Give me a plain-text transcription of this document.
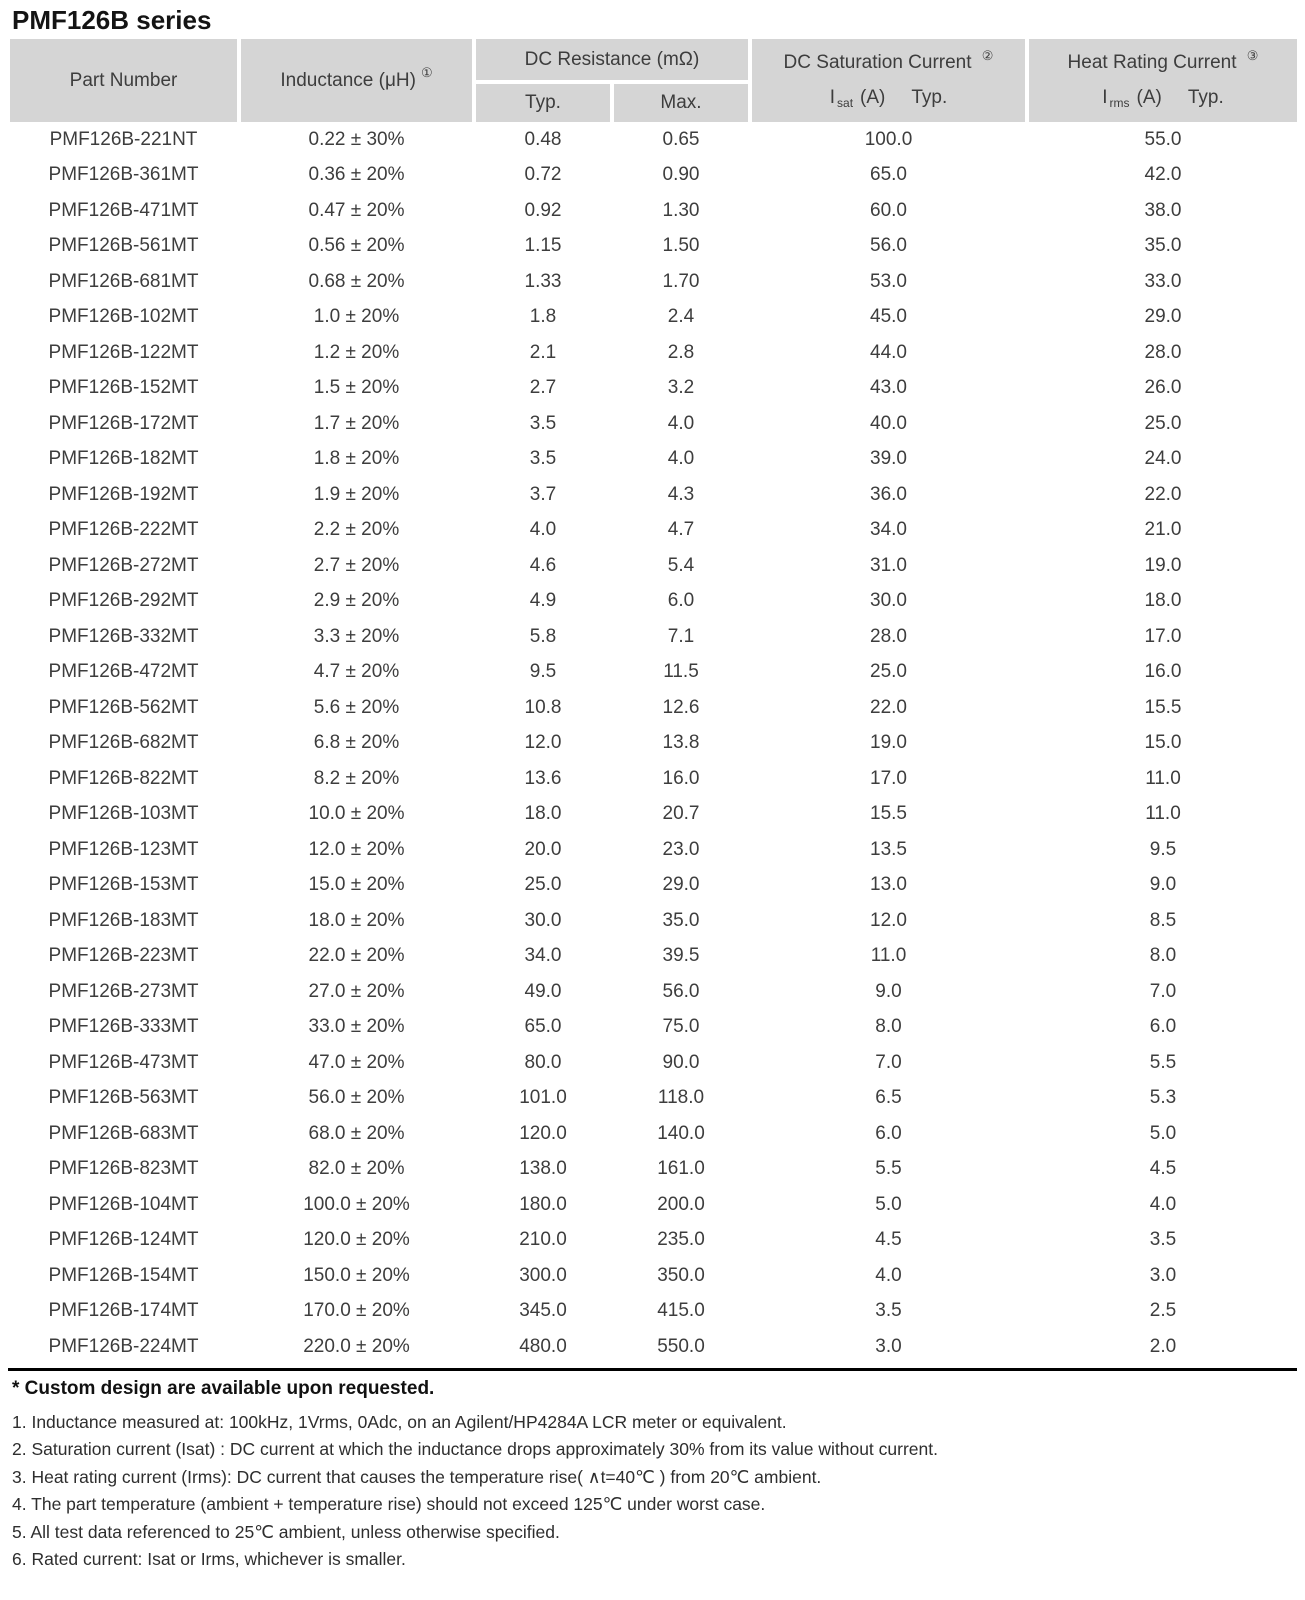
PMF126B series
Part Number	Inductance (μH) ①
DC Resistance (mΩ)
Typ.	Max.
DC Saturation Current ②
$I_{sat}$ (A) Typ.
Heat Rating Current ③
$I_{rms}$ (A) Typ.
PMF126B-221NT	0.22 ± 30%	0.48	0.65	100.0	55.0
PMF126B-361MT	0.36 ± 20%	0.72	0.90	65.0	42.0
PMF126B-471MT	0.47 ± 20%	0.92	1.30	60.0	38.0
PMF126B-561MT	0.56 ± 20%	1.15	1.50	56.0	35.0
PMF126B-681MT	0.68 ± 20%	1.33	1.70	53.0	33.0
PMF126B-102MT	1.0 ± 20%	1.8	2.4	45.0	29.0
PMF126B-122MT	1.2 ± 20%	2.1	2.8	44.0	28.0
PMF126B-152MT	1.5 ± 20%	2.7	3.2	43.0	26.0
PMF126B-172MT	1.7 ± 20%	3.5	4.0	40.0	25.0
PMF126B-182MT	1.8 ± 20%	3.5	4.0	39.0	24.0
PMF126B-192MT	1.9 ± 20%	3.7	4.3	36.0	22.0
PMF126B-222MT	2.2 ± 20%	4.0	4.7	34.0	21.0
PMF126B-272MT	2.7 ± 20%	4.6	5.4	31.0	19.0
PMF126B-292MT	2.9 ± 20%	4.9	6.0	30.0	18.0
PMF126B-332MT	3.3 ± 20%	5.8	7.1	28.0	17.0
PMF126B-472MT	4.7 ± 20%	9.5	11.5	25.0	16.0
PMF126B-562MT	5.6 ± 20%	10.8	12.6	22.0	15.5
PMF126B-682MT	6.8 ± 20%	12.0	13.8	19.0	15.0
PMF126B-822MT	8.2 ± 20%	13.6	16.0	17.0	11.0
PMF126B-103MT	10.0 ± 20%	18.0	20.7	15.5	11.0
PMF126B-123MT	12.0 ± 20%	20.0	23.0	13.5	9.5
PMF126B-153MT	15.0 ± 20%	25.0	29.0	13.0	9.0
PMF126B-183MT	18.0 ± 20%	30.0	35.0	12.0	8.5
PMF126B-223MT	22.0 ± 20%	34.0	39.5	11.0	8.0
PMF126B-273MT	27.0 ± 20%	49.0	56.0	9.0	7.0
PMF126B-333MT	33.0 ± 20%	65.0	75.0	8.0	6.0
PMF126B-473MT	47.0 ± 20%	80.0	90.0	7.0	5.5
PMF126B-563MT	56.0 ± 20%	101.0	118.0	6.5	5.3
PMF126B-683MT	68.0 ± 20%	120.0	140.0	6.0	5.0
PMF126B-823MT	82.0 ± 20%	138.0	161.0	5.5	4.5
PMF126B-104MT	100.0 ± 20%	180.0	200.0	5.0	4.0
PMF126B-124MT	120.0 ± 20%	210.0	235.0	4.5	3.5
PMF126B-154MT	150.0 ± 20%	300.0	350.0	4.0	3.0
PMF126B-174MT	170.0 ± 20%	345.0	415.0	3.5	2.5
PMF126B-224MT	220.0 ± 20%	480.0	550.0	3.0	2.0
* Custom design are available upon requested.
1. Inductance measured at: 100kHz, 1Vrms, 0Adc, on an Agilent/HP4284A LCR meter or equivalent.
2. Saturation current (Isat) : DC current at which the inductance drops approximately 30% from its value without current.
3. Heat rating current (Irms): DC current that causes the temperature rise( ∧t=40℃ ) from 20℃ ambient.
4. The part temperature (ambient + temperature rise) should not exceed 125℃ under worst case.
5. All test data referenced to 25℃ ambient, unless otherwise specified.
6. Rated current: Isat or Irms, whichever is smaller.
